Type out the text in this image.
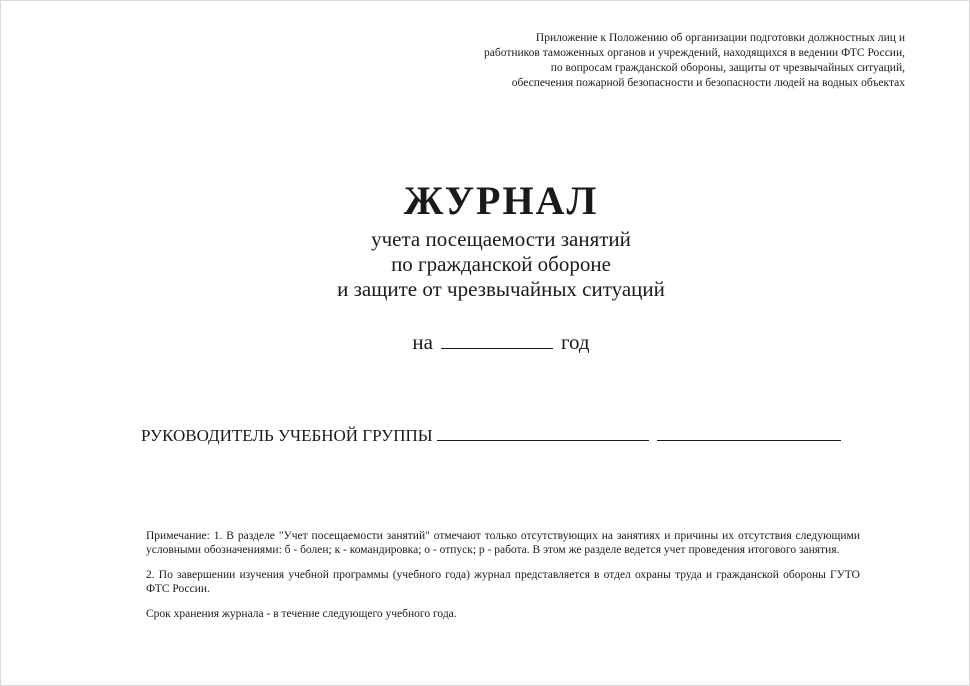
Приложение к Положению об организации подготовки должностных лиц и
работников таможенных органов и учреждений, находящихся в ведении ФТС России,
по вопросам гражданской обороны, защиты от чрезвычайных ситуаций,
обеспечения пожарной безопасности и безопасности людей на водных объектах
ЖУРНАЛ
учета посещаемости занятий
по гражданской обороне
и защите от чрезвычайных ситуаций
на	год
РУКОВОДИТЕЛЬ УЧЕБНОЙ ГРУППЫ

Примечание: 1. В разделе "Учет посещаемости занятий" отмечают только отсутствующих на занятиях и причины их отсутствия следующими условными обозначениями: б - болен; к - командировка; о - отпуск; р - работа. В этом же разделе ведется учет проведения итогового занятия.

2. По завершении изучения учебной программы (учебного года) журнал представляется в отдел охраны труда и гражданской обороны ГУТО ФТС России.

Срок хранения журнала - в течение следующего учебного года.
